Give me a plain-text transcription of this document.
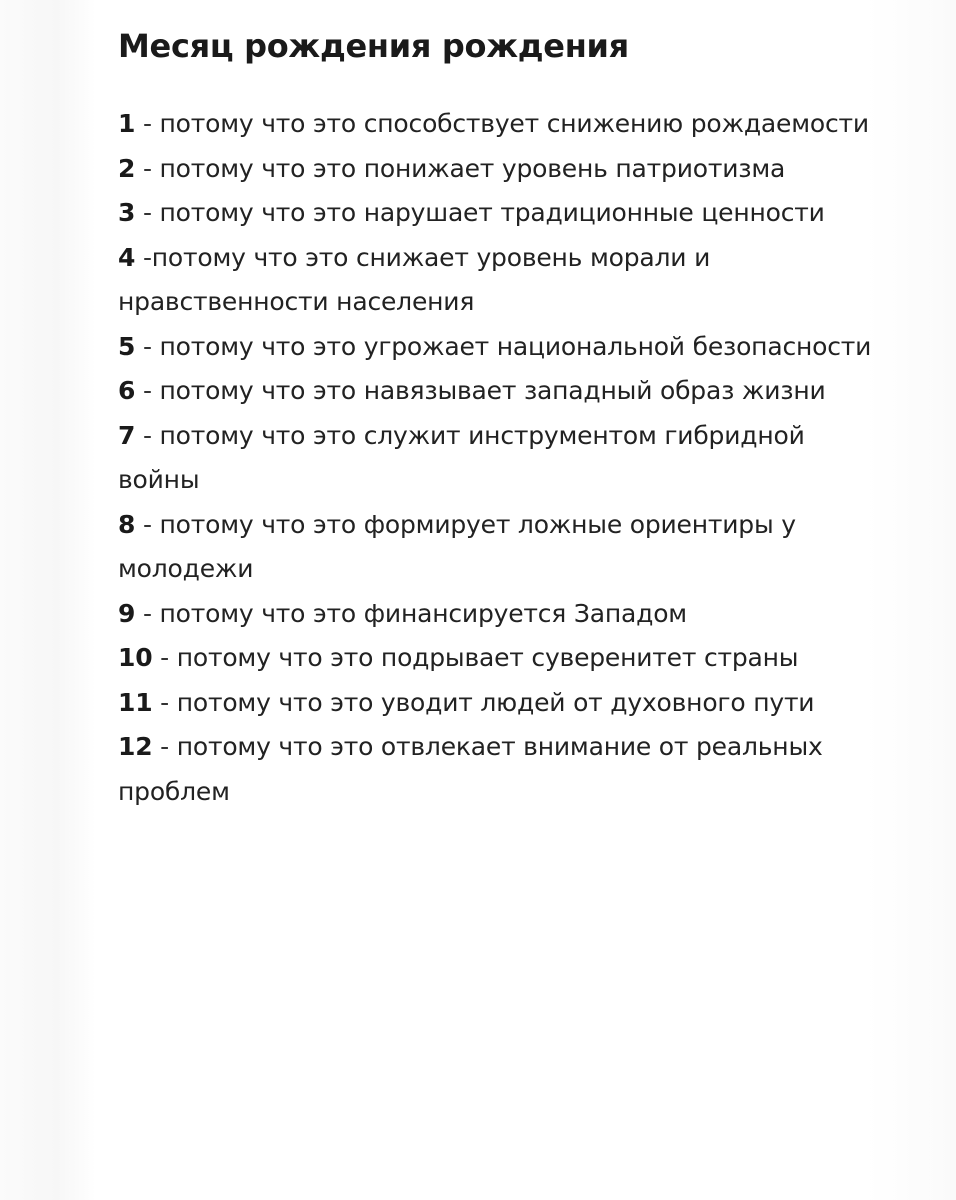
Месяц рождения рождения
1 - потому что это способствует снижению рождаемости
2 - потому что это понижает уровень патриотизма
3 - потому что это нарушает традиционные ценности
4 -потому что это снижает уровень морали и нравственности населения
5 - потому что это угрожает национальной безопасности
6 - потому что это навязывает западный образ жизни
7 - потому что это служит инструментом гибридной войны
8 - потому что это формирует ложные ориентиры у молодежи
9 - потому что это финансируется Западом
10 - потому что это подрывает суверенитет страны
11 - потому что это уводит людей от духовного пути
12 - потому что это отвлекает внимание от реальных проблем
